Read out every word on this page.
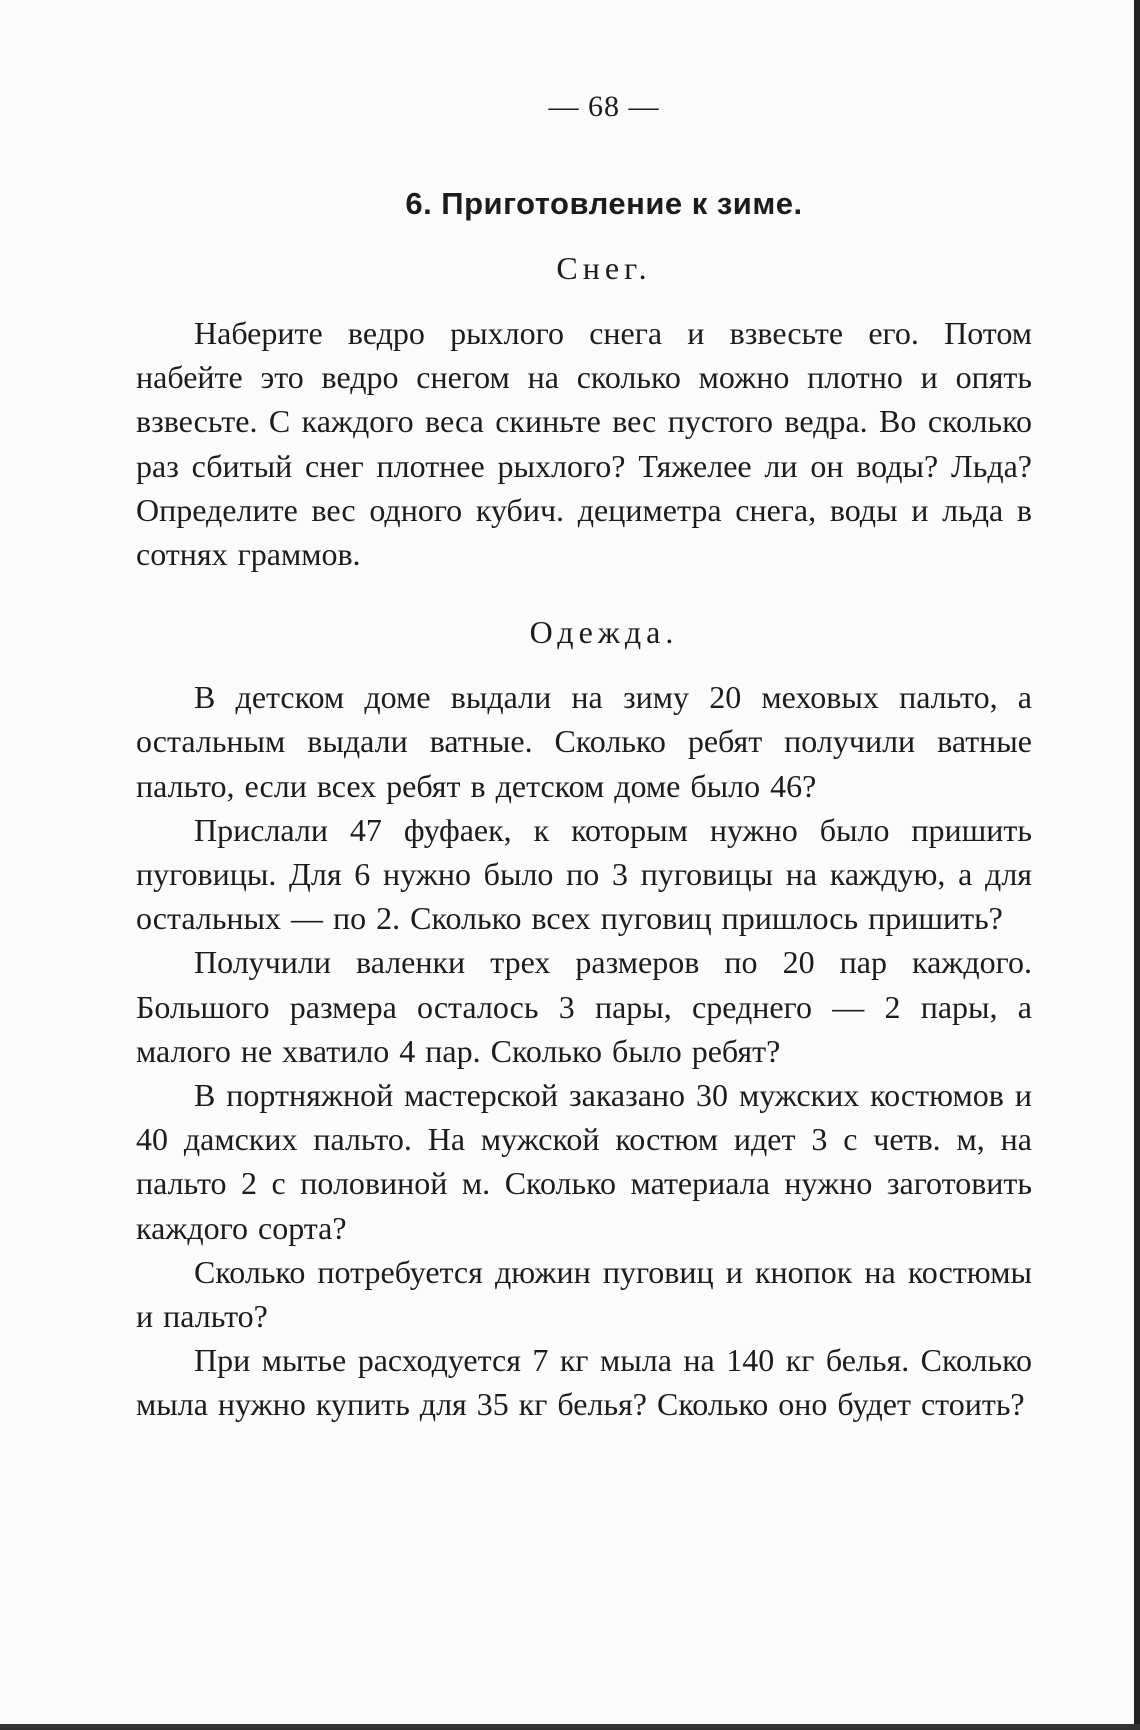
— 68 —
6. Приготовление к зиме.
Снег.

Наберите ведро рыхлого снега и взвесьте его. Потом набейте это ведро снегом на сколько можно плотно и опять взвесьте. С каждого веса скиньте вес пустого ведра. Во сколько раз сбитый снег плотнее рыхлого? Тяжелее ли он воды? Льда? Определите вес одного кубич. дециметра снега, воды и льда в сотнях граммов.

Одежда.

В детском доме выдали на зиму 20 меховых пальто, а остальным выдали ватные. Сколько ребят получили ватные пальто, если всех ребят в детском доме было 46?

Прислали 47 фуфаек, к которым нужно было пришить пуговицы. Для 6 нужно было по 3 пуговицы на каждую, а для остальных — по 2. Сколько всех пуговиц пришлось пришить?

Получили валенки трех размеров по 20 пар каждого. Большого размера осталось 3 пары, среднего — 2 пары, а малого не хватило 4 пар. Сколько было ребят?

В портняжной мастерской заказано 30 мужских костюмов и 40 дамских пальто. На мужской костюм идет 3 с четв. м, на пальто 2 с половиной м. Сколько материала нужно заготовить каждого сорта?

Сколько потребуется дюжин пуговиц и кнопок на костюмы и пальто?

При мытье расходуется 7 кг мыла на 140 кг белья. Сколько мыла нужно купить для 35 кг белья? Сколько оно будет стоить?
